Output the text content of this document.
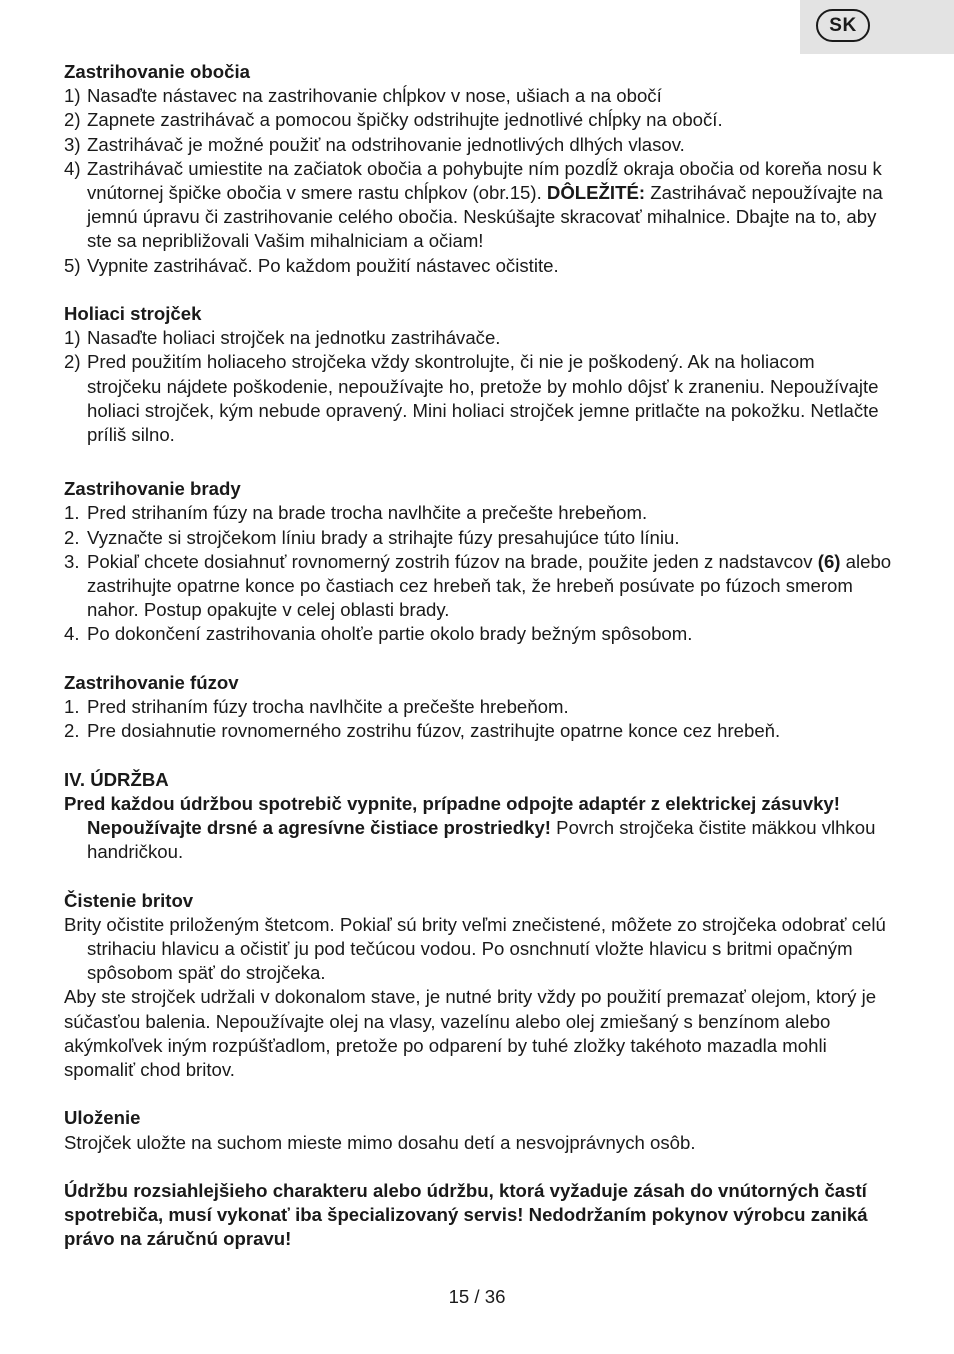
SK
Zastrihovanie obočia
1) Nasaďte nástavec na zastrihovanie chĺpkov v nose, ušiach a na obočí
2) Zapnete zastrihávač a pomocou špičky odstrihujte jednotlivé chĺpky na obočí.
3) Zastrihávač je možné použiť na odstrihovanie jednotlivých dlhých vlasov.
4) Zastrihávač umiestite na začiatok obočia a pohybujte ním pozdĺž okraja obočia od koreňa nosu k vnútornej špičke obočia v smere rastu chĺpkov (obr.15). DÔLEŽITÉ: Zastrihávač nepoužívajte na jemnú úpravu či zastrihovanie celého obočia. Neskúšajte skracovať mihalnice. Dbajte na to, aby ste sa nepribližovali Vašim mihalniciam a očiam!
5) Vypnite zastrihávač. Po každom použití nástavec očistite.
Holiaci strojček
1) Nasaďte holiaci strojček na jednotku zastrihávače.
2) Pred použitím holiaceho strojčeka vždy skontrolujte, či nie je poškodený. Ak na holiacom strojčeku nájdete poškodenie, nepoužívajte ho, pretože by mohlo dôjsť k zraneniu. Nepoužívajte holiaci strojček, kým nebude opravený. Mini holiaci strojček jemne pritlačte na pokožku. Netlačte príliš silno.
Zastrihovanie brady
1. Pred strihaním fúzy na brade trocha navlhčite a prečešte hrebeňom.
2. Vyznačte si strojčekom líniu brady a strihajte fúzy presahujúce túto líniu.
3. Pokiaľ chcete dosiahnuť rovnomerný zostrih fúzov na brade, použite jeden z nadstavcov (6) alebo zastrihujte opatrne konce po častiach cez hrebeň tak, že hrebeň posúvate po fúzoch smerom nahor. Postup opakujte v celej oblasti brady.
4. Po dokončení zastrihovania oholťe partie okolo brady bežným spôsobom.
Zastrihovanie fúzov
1. Pred strihaním fúzy trocha navlhčite a prečešte hrebeňom.
2. Pre dosiahnutie rovnomerného zostrihu fúzov, zastrihujte opatrne konce cez hrebeň.
IV. ÚDRŽBA

Pred každou údržbou spotrebič vypnite, prípadne odpojte adaptér z elektrickej zásuvky! Nepoužívajte drsné a agresívne čistiace prostriedky! Povrch strojčeka čistite mäkkou vlhkou handričkou.

Čistenie britov

Brity očistite priloženým štetcom. Pokiaľ sú brity veľmi znečistené, môžete zo strojčeka odobrať celú strihaciu hlavicu a očistiť ju pod tečúcou vodou. Po osnchnutí vložte hlavicu s britmi opačným spôsobom späť do strojčeka.

Aby ste strojček udržali v dokonalom stave, je nutné brity vždy po použití premazať olejom, ktorý je súčasťou balenia. Nepoužívajte olej na vlasy, vazelínu alebo olej zmiešaný s benzínom alebo akýmkoľvek iným rozpúšťadlom, pretože po odparení by tuhé zložky takéhoto mazadla mohli spomaliť chod britov.

Uloženie

Strojček uložte na suchom mieste mimo dosahu detí a nesvojprávnych osôb.

Údržbu rozsiahlejšieho charakteru alebo údržbu, ktorá vyžaduje zásah do vnútorných častí spotrebiča, musí vykonať iba špecializovaný servis! Nedodržaním pokynov výrobcu zaniká právo na záručnú opravu!

15 / 36
